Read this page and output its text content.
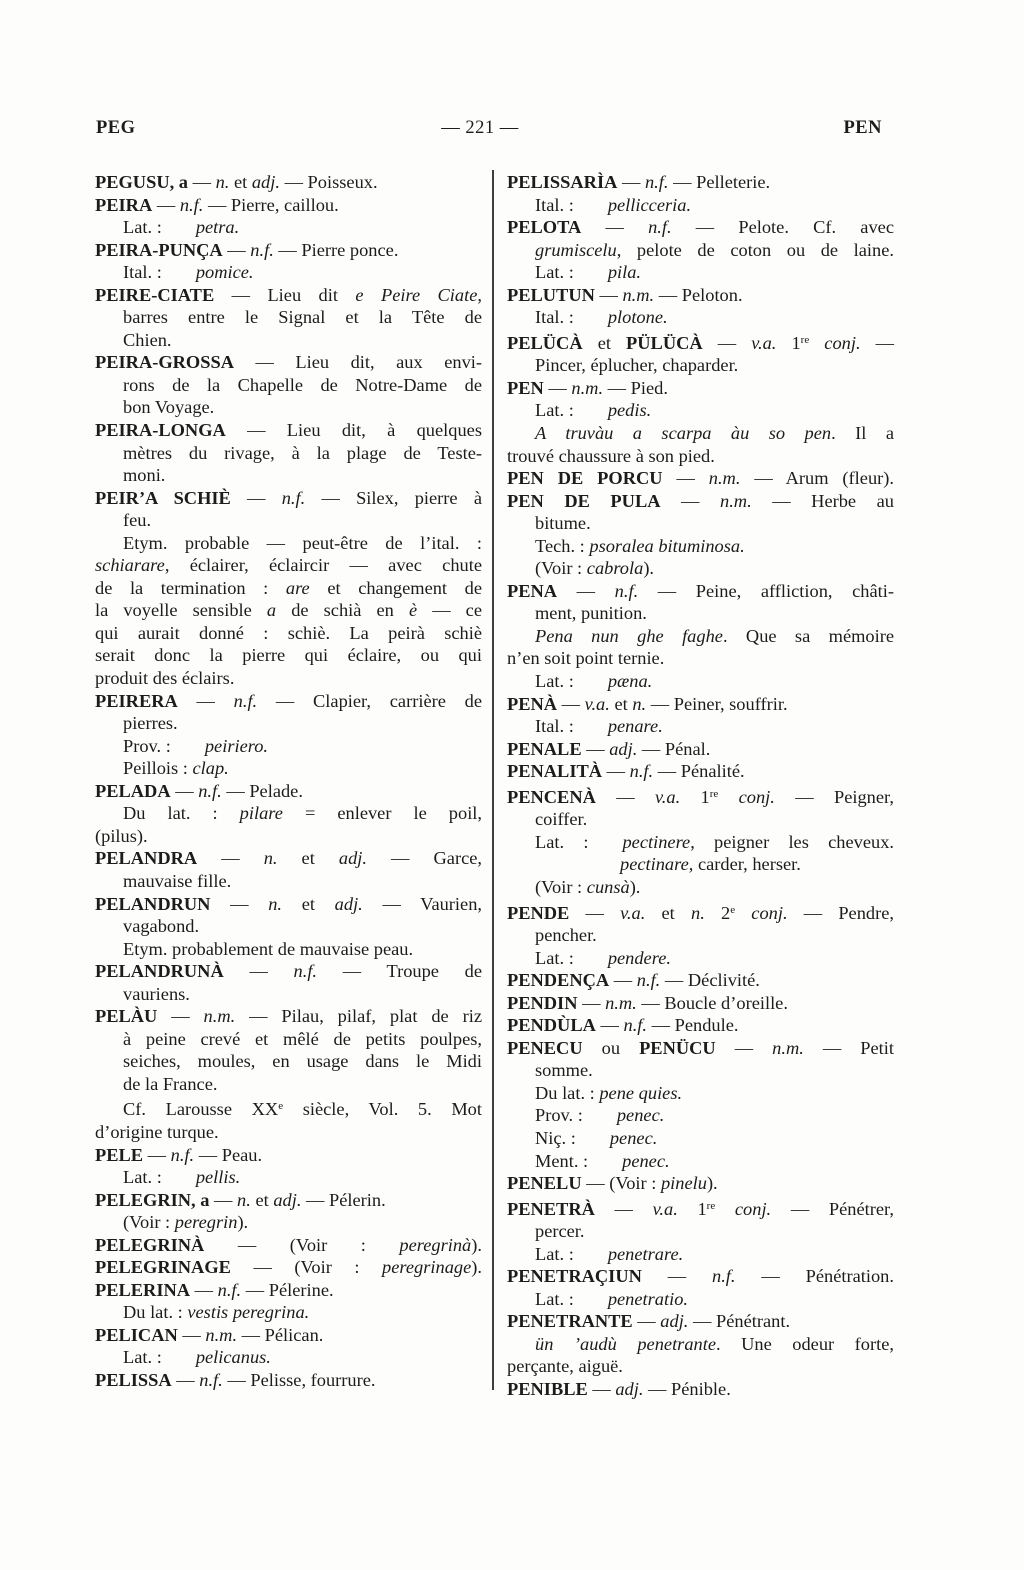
PEG	— 221 —	PEN
PEGUSU, a — n. et adj. — Poisseux.
PEIRA — n.f. — Pierre, caillou.
Lat. : petra.
PEIRA-PUNÇA — n.f. — Pierre ponce.
Ital. : pomice.
PEIRE-CIATE — Lieu dit e Peire Ciate,
barres entre le Signal et la Tête de
Chien.
PEIRA-GROSSA — Lieu dit, aux envi-
rons de la Chapelle de Notre-Dame de
bon Voyage.
PEIRA-LONGA — Lieu dit, à quelques
mètres du rivage, à la plage de Teste-
moni.
PEIR’A SCHIÈ — n.f. — Silex, pierre à
feu.
Etym. probable — peut-être de l’ital. :
schiarare, éclairer, éclaircir — avec chute
de la termination : are et changement de
la voyelle sensible a de schià en è — ce
qui aurait donné : schiè. La peirà schiè
serait donc la pierre qui éclaire, ou qui
produit des éclairs.
PEIRERA — n.f. — Clapier, carrière de
pierres.
Prov. : peiriero.
Peillois : clap.
PELADA — n.f. — Pelade.
Du lat. : pilare = enlever le poil,
(pilus).
PELANDRA — n. et adj. — Garce,
mauvaise fille.
PELANDRUN — n. et adj. — Vaurien,
vagabond.
Etym. probablement de mauvaise peau.
PELANDRUNÀ — n.f. — Troupe de
vauriens.
PELÀU — n.m. — Pilau, pilaf, plat de riz
à peine crevé et mêlé de petits poulpes,
seiches, moules, en usage dans le Midi
de la France.
Cf. Larousse XXe siècle, Vol. 5. Mot
d’origine turque.
PELE — n.f. — Peau.
Lat. : pellis.
PELEGRIN, a — n. et adj. — Pélerin.
(Voir : peregrin).
PELEGRINÀ — (Voir : peregrinà).
PELEGRINAGE — (Voir : peregrinage).
PELERINA — n.f. — Pélerine.
Du lat. : vestis peregrina.
PELICAN — n.m. — Pélican.
Lat. : pelicanus.
PELISSA — n.f. — Pelisse, fourrure.
PELISSARÌA — n.f. — Pelleterie.
Ital. : pellicceria.
PELOTA — n.f. — Pelote. Cf. avec
grumiscelu, pelote de coton ou de laine.
Lat. : pila.
PELUTUN — n.m. — Peloton.
Ital. : plotone.
PELÜCÀ et PÜLÜCÀ — v.a. 1re conj. —
Pincer, éplucher, chaparder.
PEN — n.m. — Pied.
Lat. : pedis.
A truvàu a scarpa àu so pen. Il a
trouvé chaussure à son pied.
PEN DE PORCU — n.m. — Arum (fleur).
PEN DE PULA — n.m. — Herbe au
bitume.
Tech. : psoralea bituminosa.
(Voir : cabrola).
PENA — n.f. — Peine, affliction, châti-
ment, punition.
Pena nun ghe faghe. Que sa mémoire
n’en soit point ternie.
Lat. : pæna.
PENÀ — v.a. et n. — Peiner, souffrir.
Ital. : penare.
PENALE — adj. — Pénal.
PENALITÀ — n.f. — Pénalité.
PENCENÀ — v.a. 1re conj. — Peigner,
coiffer.
Lat. : pectinere, peigner les cheveux.
pectinare, carder, herser.
(Voir : cunsà).
PENDE — v.a. et n. 2e conj. — Pendre,
pencher.
Lat. : pendere.
PENDENÇA — n.f. — Déclivité.
PENDIN — n.m. — Boucle d’oreille.
PENDÙLA — n.f. — Pendule.
PENECU ou PENÜCU — n.m. — Petit
somme.
Du lat. : pene quies.
Prov. : penec.
Niç. : penec.
Ment. : penec.
PENELU — (Voir : pinelu).
PENETRÀ — v.a. 1re conj. — Pénétrer,
percer.
Lat. : penetrare.
PENETRAÇIUN — n.f. — Pénétration.
Lat. : penetratio.
PENETRANTE — adj. — Pénétrant.
ün ’audù penetrante. Une odeur forte,
perçante, aiguë.
PENIBLE — adj. — Pénible.
